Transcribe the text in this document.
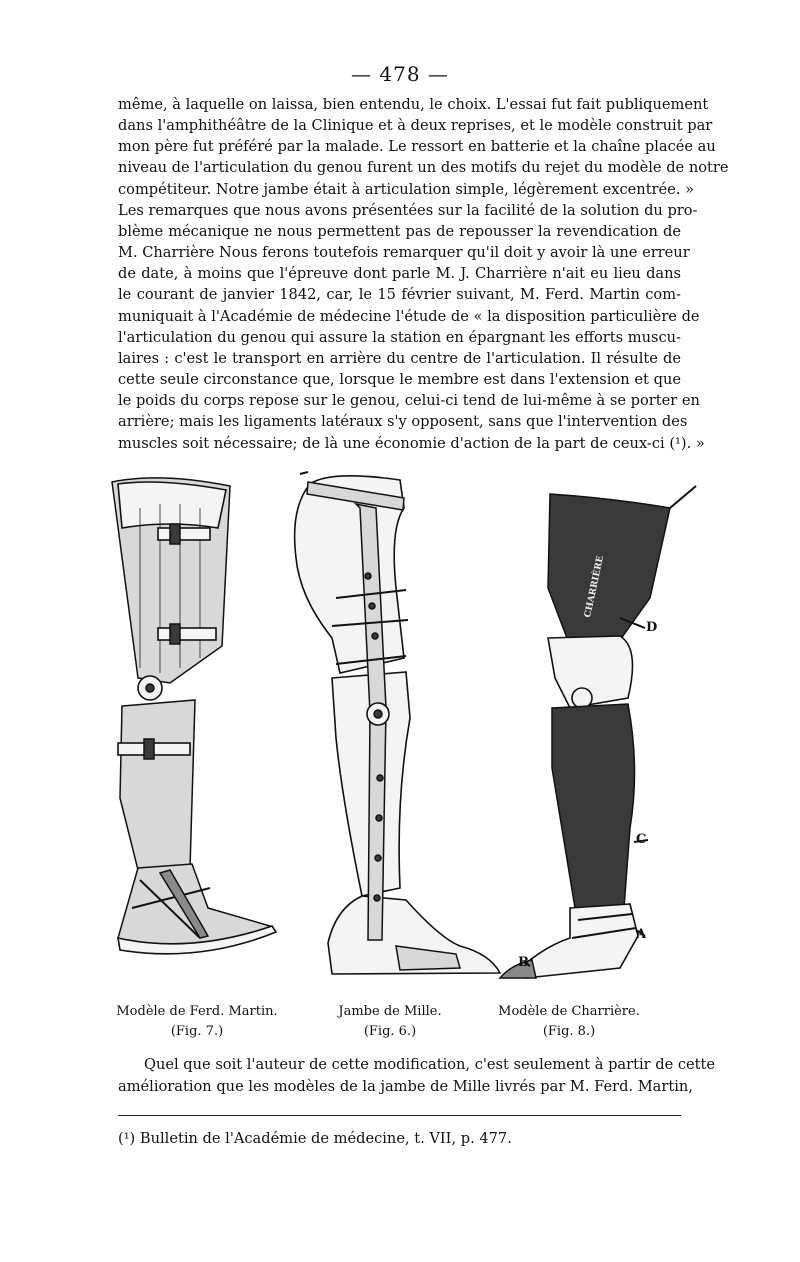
— 478 —
même, à laquelle on laissa, bien entendu, le choix. L'essai fut fait publiquement
dans l'amphithéâtre de la Clinique et à deux reprises, et le modèle construit par
mon père fut préféré par la malade. Le ressort en batterie et la chaîne placée au
niveau de l'articulation du genou furent un des motifs du rejet du modèle de notre
compétiteur. Notre jambe était à articulation simple, légèrement excentrée. »
Les remarques que nous avons présentées sur la facilité de la solution du pro-
blème mécanique ne nous permettent pas de repousser la revendication de
M. Charrière Nous ferons toutefois remarquer qu'il doit y avoir là une erreur
de date, à moins que l'épreuve dont parle M. J. Charrière n'ait eu lieu dans
le courant de janvier 1842, car, le 15 février suivant, M. Ferd. Martin com-
muniquait à l'Académie de médecine l'étude de « la disposition particulière de
l'articulation du genou qui assure la station en épargnant les efforts muscu-
laires : c'est le transport en arrière du centre de l'articulation. Il résulte de
cette seule circonstance que, lorsque le membre est dans l'extension et que
le poids du corps repose sur le genou, celui-ci tend de lui-même à se porter en
arrière; mais les ligaments latéraux s'y opposent, sans que l'intervention des
muscles soit nécessaire; de là une économie d'action de la part de ceux-ci (¹). »
CHARRIÈRE
D
C
A
B
Modèle de Ferd. Martin.
(Fig. 7.)
Jambe de Mille.
(Fig. 6.)
Modèle de Charrière.
(Fig. 8.)
Quel que soit l'auteur de cette modification, c'est seulement à partir de cette
amélioration que les modèles de la jambe de Mille livrés par M. Ferd. Martin,
(¹) Bulletin de l'Académie de médecine, t. VII, p. 477.
